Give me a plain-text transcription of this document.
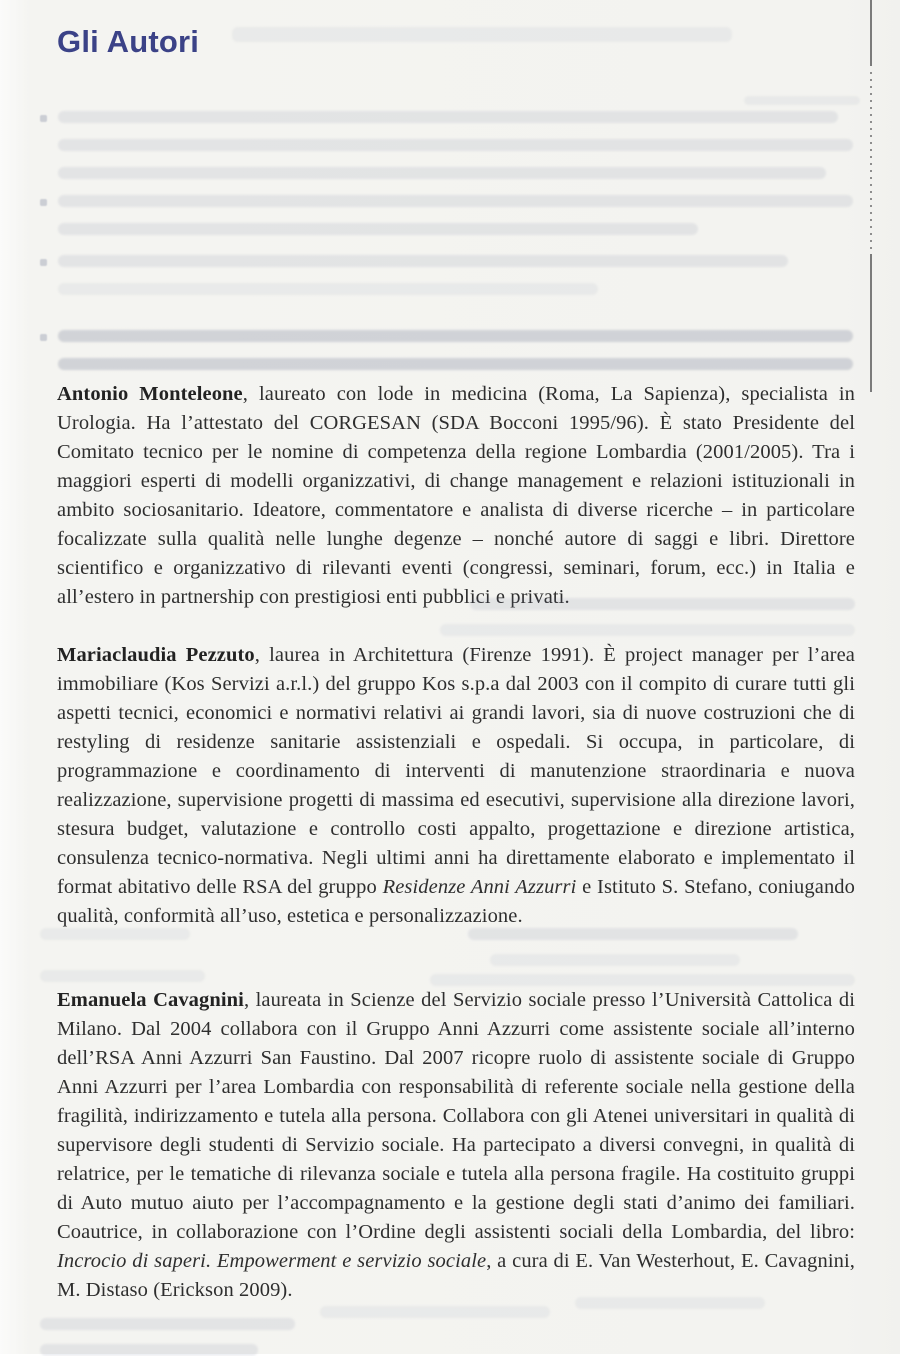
Gli Autori

Antonio Monteleone, laureato con lode in medicina (Roma, La Sapienza), specialista in Urologia. Ha l’attestato del CORGESAN (SDA Bocconi 1995/96). È stato Presidente del Comitato tecnico per le nomine di competenza della regione Lombardia (2001/2005). Tra i maggiori esperti di modelli organizzativi, di change management e relazioni istituzionali in ambito sociosanitario. Ideatore, commentatore e analista di diverse ricerche – in particolare focalizzate sulla qualità nelle lunghe degenze – nonché autore di saggi e libri. Direttore scientifico e organizzativo di rilevanti eventi (congressi, seminari, forum, ecc.) in Italia e all’estero in partnership con prestigiosi enti pubblici e privati.

Mariaclaudia Pezzuto, laurea in Architettura (Firenze 1991). È project manager per l’area immobiliare (Kos Servizi a.r.l.) del gruppo Kos s.p.a dal 2003 con il compito di curare tutti gli aspetti tecnici, economici e normativi relativi ai grandi lavori, sia di nuove costruzioni che di restyling di residenze sanitarie assistenziali e ospedali. Si occupa, in particolare, di programmazione e coordinamento di interventi di manutenzione straordinaria e nuova realizzazione, supervisione progetti di massima ed esecutivi, supervisione alla direzione lavori, stesura budget, valutazione e controllo costi appalto, progettazione e direzione artistica, consulenza tecnico-normativa. Negli ultimi anni ha direttamente elaborato e implementato il format abitativo delle RSA del gruppo Residenze Anni Azzurri e Istituto S. Stefano, coniugando qualità, conformità all’uso, estetica e personalizzazione.

Emanuela Cavagnini, laureata in Scienze del Servizio sociale presso l’Università Cattolica di Milano. Dal 2004 collabora con il Gruppo Anni Azzurri come assistente sociale all’interno dell’RSA Anni Azzurri San Faustino. Dal 2007 ricopre ruolo di assistente sociale di Gruppo Anni Azzurri per l’area Lombardia con responsabilità di referente sociale nella gestione della fragilità, indirizzamento e tutela alla persona. Collabora con gli Atenei universitari in qualità di supervisore degli studenti di Servizio sociale. Ha partecipato a diversi convegni, in qualità di relatrice, per le tematiche di rilevanza sociale e tutela alla persona fragile. Ha costituito gruppi di Auto mutuo aiuto per l’accompagnamento e la gestione degli stati d’animo dei familiari. Coautrice, in collaborazione con l’Ordine degli assistenti sociali della Lombardia, del libro: Incrocio di saperi. Empowerment e servizio sociale, a cura di E. Van Westerhout, E. Cavagnini, M. Distaso (Erickson 2009).
